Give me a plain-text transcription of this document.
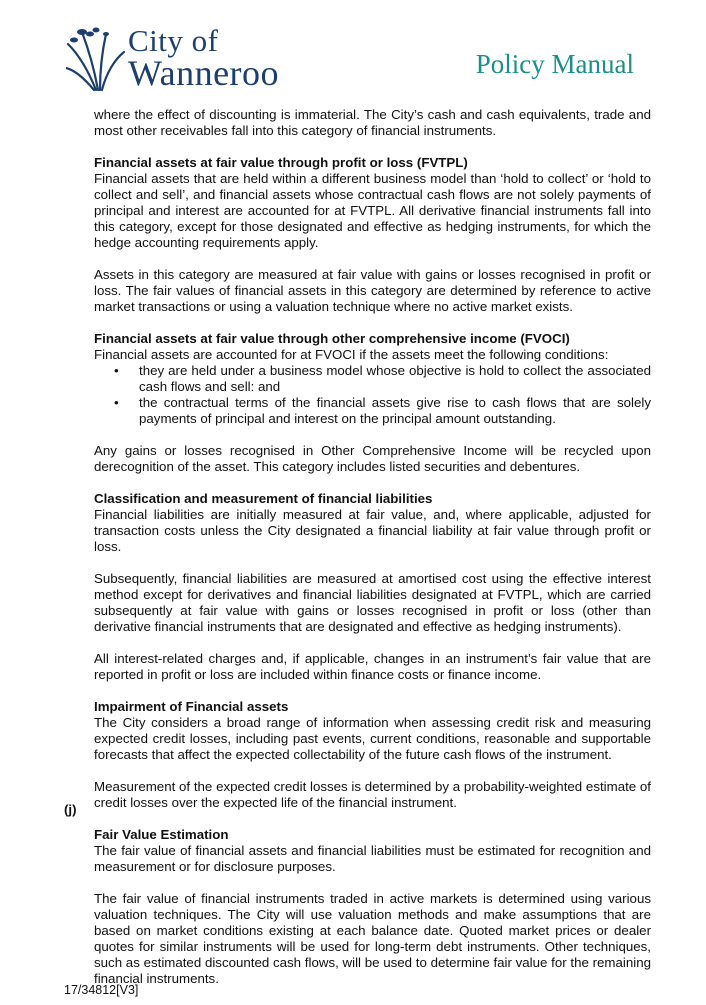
City of
Wanneroo	Policy Manual

where the effect of discounting is immaterial. The City’s cash and cash equivalents, trade and most other receivables fall into this category of financial instruments.

Financial assets at fair value through profit or loss (FVTPL)

Financial assets that are held within a different business model than ‘hold to collect’ or ‘hold to collect and sell’, and financial assets whose contractual cash flows are not solely payments of principal and interest are accounted for at FVTPL. All derivative financial instruments fall into this category, except for those designated and effective as hedging instruments, for which the hedge accounting requirements apply.

Assets in this category are measured at fair value with gains or losses recognised in profit or loss. The fair values of financial assets in this category are determined by reference to active market transactions or using a valuation technique where no active market exists.

Financial assets at fair value through other comprehensive income (FVOCI)

Financial assets are accounted for at FVOCI if the assets meet the following conditions:

• they are held under a business model whose objective is hold to collect the associated cash flows and sell: and
• the contractual terms of the financial assets give rise to cash flows that are solely payments of principal and interest on the principal amount outstanding.

Any gains or losses recognised in Other Comprehensive Income will be recycled upon derecognition of the asset. This category includes listed securities and debentures.

Classification and measurement of financial liabilities

Financial liabilities are initially measured at fair value, and, where applicable, adjusted for transaction costs unless the City designated a financial liability at fair value through profit or loss.

Subsequently, financial liabilities are measured at amortised cost using the effective interest method except for derivatives and financial liabilities designated at FVTPL, which are carried subsequently at fair value with gains or losses recognised in profit or loss (other than derivative financial instruments that are designated and effective as hedging instruments).

All interest-related charges and, if applicable, changes in an instrument’s fair value that are reported in profit or loss are included within finance costs or finance income.

Impairment of Financial assets

The City considers a broad range of information when assessing credit risk and measuring expected credit losses, including past events, current conditions, reasonable and supportable forecasts that affect the expected collectability of the future cash flows of the instrument.

Measurement of the expected credit losses is determined by a probability-weighted estimate of credit losses over the expected life of the financial instrument.

Fair Value Estimation

The fair value of financial assets and financial liabilities must be estimated for recognition and measurement or for disclosure purposes.

The fair value of financial instruments traded in active markets is determined using various valuation techniques. The City will use valuation methods and make assumptions that are based on market conditions existing at each balance date. Quoted market prices or dealer quotes for similar instruments will be used for long-term debt instruments. Other techniques, such as estimated discounted cash flows, will be used to determine fair value for the remaining financial instruments.

(j)
17/34812[V3]
